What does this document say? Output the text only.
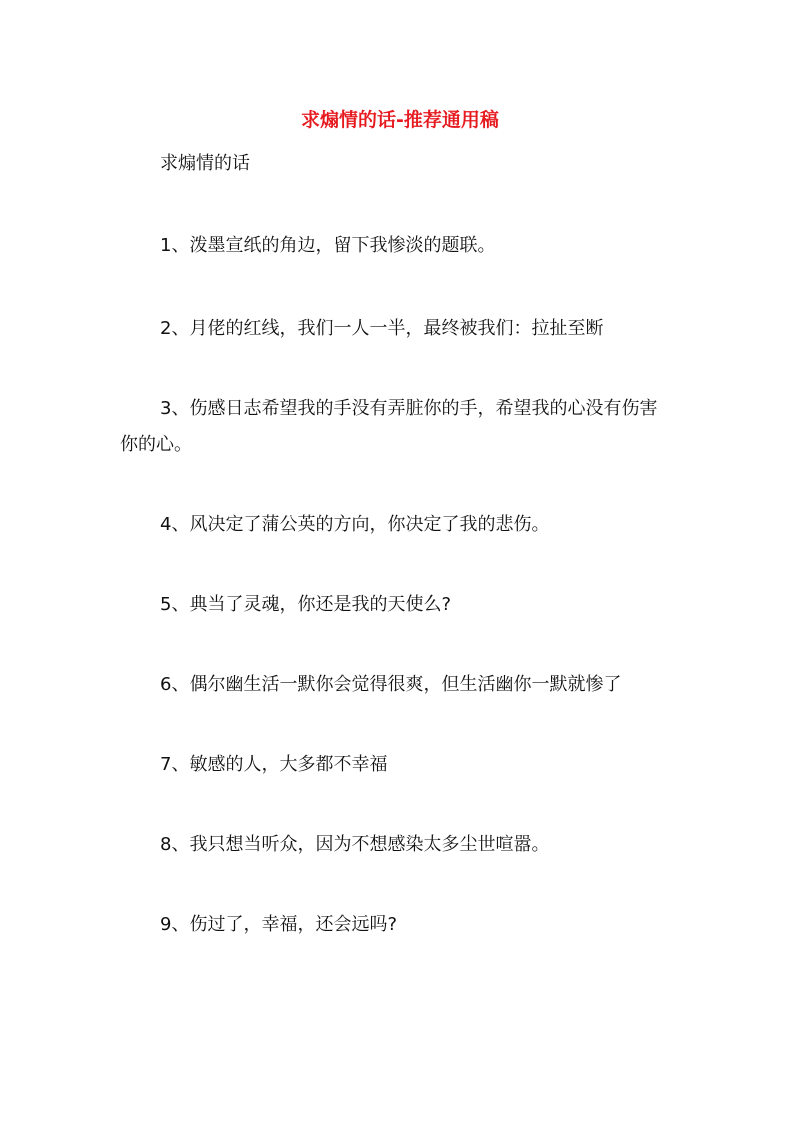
求煽情的话-推荐通用稿
求煽情的话
1、泼墨宣纸的角边，留下我惨淡的题联。
2、月佬的红线，我们一人一半，最终被我们：拉扯至断
3、伤感日志希望我的手没有弄脏你的手，希望我的心没有伤害
你的心。
4、风决定了蒲公英的方向，你决定了我的悲伤。
5、典当了灵魂，你还是我的天使么?
6、偶尔幽生活一默你会觉得很爽，但生活幽你一默就惨了
7、敏感的人，大多都不幸福
8、我只想当听众，因为不想感染太多尘世喧嚣。
9、伤过了，幸福，还会远吗?
